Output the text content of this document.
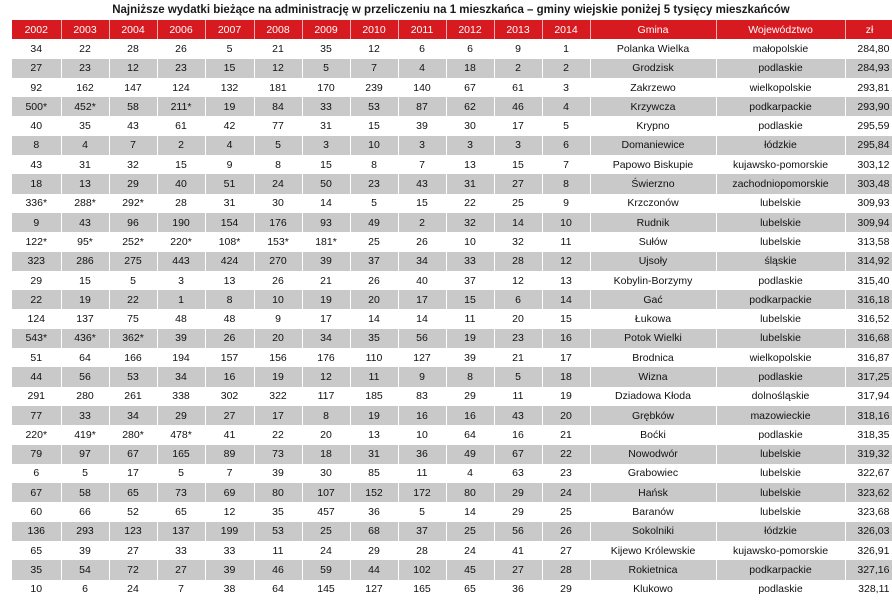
Najniższe wydatki bieżące na administrację w przeliczeniu na 1 mieszkańca – gminy wiejskie poniżej 5 tysięcy mieszkańców
2002	2003	2004	2006	2007	2008	2009	2010	2011	2012	2013	2014	Gmina	Województwo	zł
34	22	28	26	5	21	35	12	6	6	9	1	Polanka Wielka	małopolskie	284,80
27	23	12	23	15	12	5	7	4	18	2	2	Grodzisk	podlaskie	284,93
92	162	147	124	132	181	170	239	140	67	61	3	Zakrzewo	wielkopolskie	293,81
500*	452*	58	211*	19	84	33	53	87	62	46	4	Krzywcza	podkarpackie	293,90
40	35	43	61	42	77	31	15	39	30	17	5	Krypno	podlaskie	295,59
8	4	7	2	4	5	3	10	3	3	3	6	Domaniewice	łódzkie	295,84
43	31	32	15	9	8	15	8	7	13	15	7	Papowo Biskupie	kujawsko-pomorskie	303,12
18	13	29	40	51	24	50	23	43	31	27	8	Świerzno	zachodniopomorskie	303,48
336*	288*	292*	28	31	30	14	5	15	22	25	9	Krzczonów	lubelskie	309,93
9	43	96	190	154	176	93	49	2	32	14	10	Rudnik	lubelskie	309,94
122*	95*	252*	220*	108*	153*	181*	25	26	10	32	11	Sułów	lubelskie	313,58
323	286	275	443	424	270	39	37	34	33	28	12	Ujsoły	śląskie	314,92
29	15	5	3	13	26	21	26	40	37	12	13	Kobylin-Borzymy	podlaskie	315,40
22	19	22	1	8	10	19	20	17	15	6	14	Gać	podkarpackie	316,18
124	137	75	48	48	9	17	14	14	11	20	15	Łukowa	lubelskie	316,52
543*	436*	362*	39	26	20	34	35	56	19	23	16	Potok Wielki	lubelskie	316,68
51	64	166	194	157	156	176	110	127	39	21	17	Brodnica	wielkopolskie	316,87
44	56	53	34	16	19	12	11	9	8	5	18	Wizna	podlaskie	317,25
291	280	261	338	302	322	117	185	83	29	11	19	Dziadowa Kłoda	dolnośląskie	317,94
77	33	34	29	27	17	8	19	16	16	43	20	Grębków	mazowieckie	318,16
220*	419*	280*	478*	41	22	20	13	10	64	16	21	Boćki	podlaskie	318,35
79	97	67	165	89	73	18	31	36	49	67	22	Nowodwór	lubelskie	319,32
6	5	17	5	7	39	30	85	11	4	63	23	Grabowiec	lubelskie	322,67
67	58	65	73	69	80	107	152	172	80	29	24	Hańsk	lubelskie	323,62
60	66	52	65	12	35	457	36	5	14	29	25	Baranów	lubelskie	323,68
136	293	123	137	199	53	25	68	37	25	56	26	Sokolniki	łódzkie	326,03
65	39	27	33	33	11	24	29	28	24	41	27	Kijewo Królewskie	kujawsko-pomorskie	326,91
35	54	72	27	39	46	59	44	102	45	27	28	Rokietnica	podkarpackie	327,16
10	6	24	7	38	64	145	127	165	65	36	29	Klukowo	podlaskie	328,11
